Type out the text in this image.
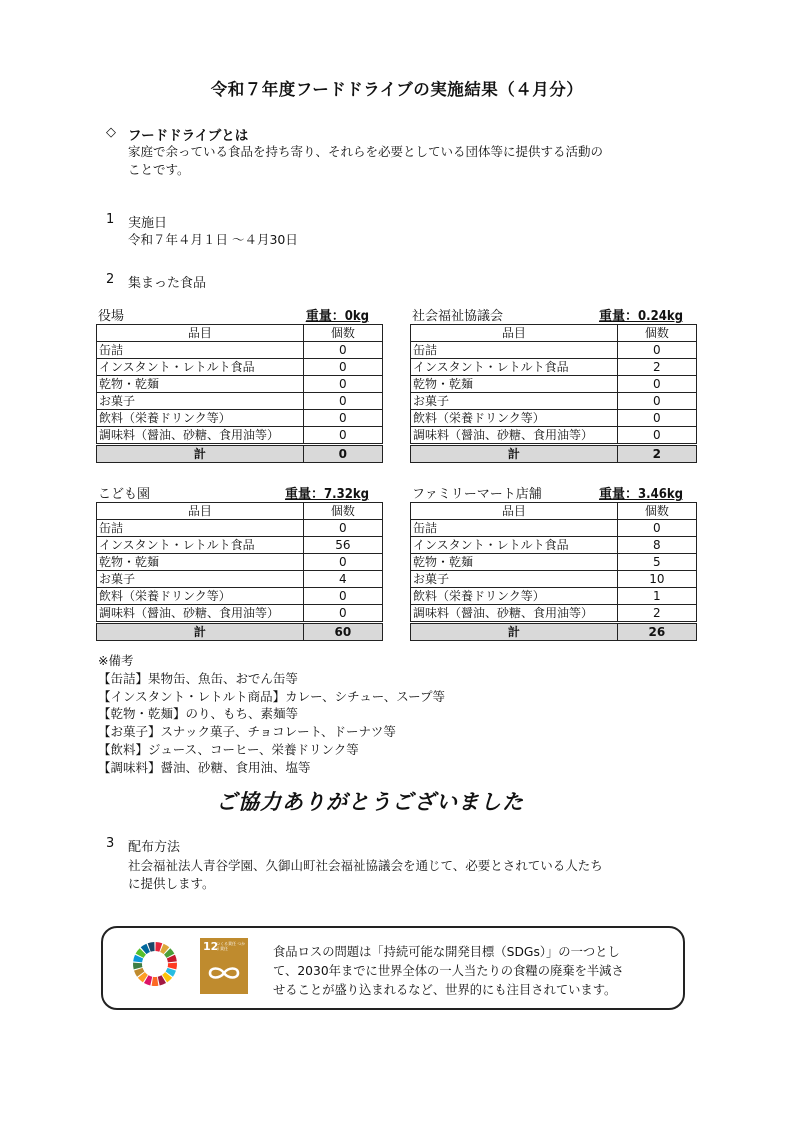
令和７年度フードドライブの実施結果（４月分）
◇ フードドライブとは
家庭で余っている食品を持ち寄り、それらを必要としている団体等に提供する活動の
ことです。
1 実施日
令和７年４月１日 ～４月30日
2 集まった食品
役場	重量：0kg
品目	個数
缶詰	0
インスタント・レトルト食品	0
乾物・乾麺	0
お菓子	0
飲料（栄養ドリンク等）	0
調味料（醤油、砂糖、食用油等）	0
計	0
社会福祉協議会	重量：0.24kg
品目	個数
缶詰	0
インスタント・レトルト食品	2
乾物・乾麺	0
お菓子	0
飲料（栄養ドリンク等）	0
調味料（醤油、砂糖、食用油等）	0
計	2
こども園	重量：7.32kg
品目	個数
缶詰	0
インスタント・レトルト食品	56
乾物・乾麺	0
お菓子	4
飲料（栄養ドリンク等）	0
調味料（醤油、砂糖、食用油等）	0
計	60
ファミリーマート店舗	重量：3.46kg
品目	個数
缶詰	0
インスタント・レトルト食品	8
乾物・乾麺	5
お菓子	10
飲料（栄養ドリンク等）	1
調味料（醤油、砂糖、食用油等）	2
計	26
※備考
【缶詰】果物缶、魚缶、おでん缶等
【インスタント・レトルト商品】カレー、シチュー、スープ等
【乾物・乾麺】のり、もち、素麺等
【お菓子】スナック菓子、チョコレート、ドーナツ等
【飲料】ジュース、コーヒー、栄養ドリンク等
【調味料】醤油、砂糖、食用油、塩等
ご協力ありがとうございました
3 配布方法
社会福祉法人青谷学園、久御山町社会福祉協議会を通じて、必要とされている人たち
に提供します。
12
つくる責任 つかう責任	食品ロスの問題は「持続可能な開発目標（SDGs）」の一つとし
て、2030年までに世界全体の一人当たりの食糧の廃棄を半減さ
せることが盛り込まれるなど、世界的にも注目されています。
